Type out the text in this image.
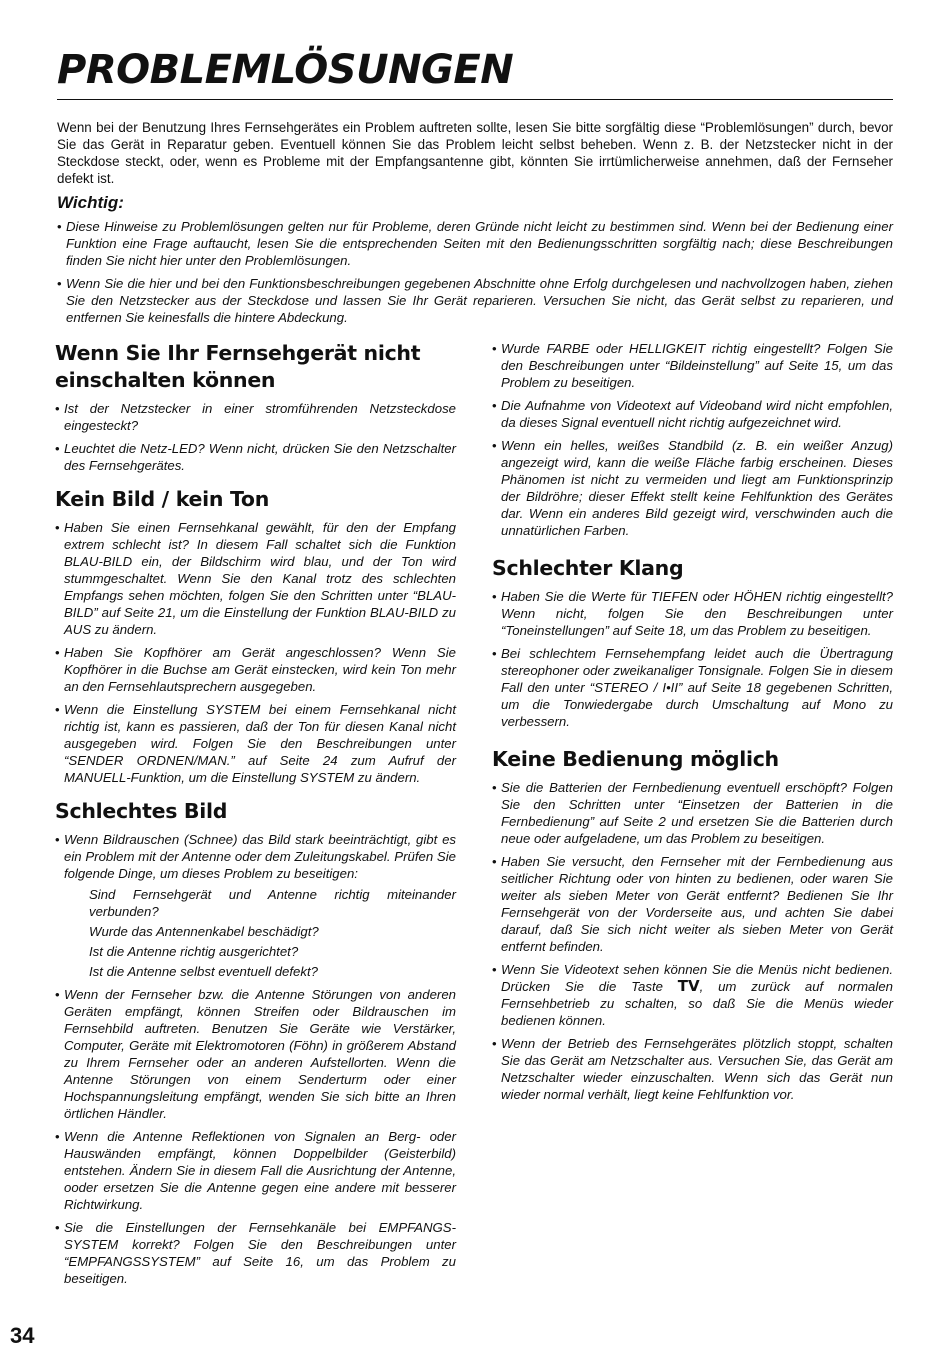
PROBLEMLÖSUNGEN

Wenn bei der Benutzung Ihres Fernsehgerätes ein Problem auftreten sollte, lesen Sie bitte sorgfältig diese “Problemlösungen” durch, bevor Sie das Gerät in Reparatur geben. Eventuell können Sie das Problem leicht selbst beheben. Wenn z. B. der Netzstecker nicht in der Steckdose steckt, oder, wenn es Probleme mit der Empfangsantenne gibt, könnten Sie irrtümlicherweise annehmen, daß der Fernseher defekt ist.

Wichtig:

• Diese Hinweise zu Problemlösungen gelten nur für Probleme, deren Gründe nicht leicht zu bestimmen sind. Wenn bei der Bedienung einer Funktion eine Frage auftaucht, lesen Sie die entsprechenden Seiten mit den Bedienungsschritten sorgfältig nach; diese Beschreibungen finden Sie nicht hier unter den Problemlösungen.
• Wenn Sie die hier und bei den Funktionsbeschreibungen gegebenen Abschnitte ohne Erfolg durchgelesen und nachvollzogen haben, ziehen Sie den Netzstecker aus der Steckdose und lassen Sie Ihr Gerät reparieren. Versuchen Sie nicht, das Gerät selbst zu reparieren, und entfernen Sie keinesfalls die hintere Abdeckung.
Wenn Sie Ihr Fernsehgerät nicht einschalten können
• Ist der Netzstecker in einer stromführenden Netzsteckdose eingesteckt?
• Leuchtet die Netz-LED? Wenn nicht, drücken Sie den Netzschalter des Fernsehgerätes.
Kein Bild / kein Ton
• Haben Sie einen Fernsehkanal gewählt, für den der Empfang extrem schlecht ist? In diesem Fall schaltet sich die Funktion BLAU-BILD ein, der Bildschirm wird blau, und der Ton wird stummgeschaltet. Wenn Sie den Kanal trotz des schlechten Empfangs sehen möchten, folgen Sie den Schritten unter “BLAU-BILD” auf Seite 21, um die Einstellung der Funktion BLAU-BILD zu AUS zu ändern.
• Haben Sie Kopfhörer am Gerät angeschlossen? Wenn Sie Kopfhörer in die Buchse am Gerät einstecken, wird kein Ton mehr an den Fernsehlautsprechern ausgegeben.
• Wenn die Einstellung SYSTEM bei einem Fernsehkanal nicht richtig ist, kann es passieren, daß der Ton für diesen Kanal nicht ausgegeben wird. Folgen Sie den Beschreibungen unter “SENDER ORDNEN/MAN.” auf Seite 24 zum Aufruf der MANUELL-Funktion, um die Einstellung SYSTEM zu ändern.
Schlechtes Bild
• Wenn Bildrauschen (Schnee) das Bild stark beeinträchtigt, gibt es ein Problem mit der Antenne oder dem Zuleitungskabel. Prüfen Sie folgende Dinge, um dieses Problem zu beseitigen:
Sind Fernsehgerät und Antenne richtig miteinander verbunden?
Wurde das Antennenkabel beschädigt?
Ist die Antenne richtig ausgerichtet?
Ist die Antenne selbst eventuell defekt?
• Wenn der Fernseher bzw. die Antenne Störungen von anderen Geräten empfängt, können Streifen oder Bildrauschen im Fernsehbild auftreten. Benutzen Sie Geräte wie Verstärker, Computer, Geräte mit Elektromotoren (Föhn) in größerem Abstand zu Ihrem Fernseher oder an anderen Aufstellorten. Wenn die Antenne Störungen von einem Senderturm oder einer Hochspannungsleitung empfängt, wenden Sie sich bitte an Ihren örtlichen Händler.
• Wenn die Antenne Reflektionen von Signalen an Berg- oder Hauswänden empfängt, können Doppelbilder (Geisterbild) entstehen. Ändern Sie in diesem Fall die Ausrichtung der Antenne, ooder ersetzen Sie die Antenne gegen eine andere mit besserer Richtwirkung.
• Sie die Einstellungen der Fernsehkanäle bei EMPFANGS-SYSTEM korrekt? Folgen Sie den Beschreibungen unter “EMPFANGSSYSTEM” auf Seite 16, um das Problem zu beseitigen.
• Wurde FARBE oder HELLIGKEIT richtig eingestellt? Folgen Sie den Beschreibungen unter “Bildeinstellung” auf Seite 15, um das Problem zu beseitigen.
• Die Aufnahme von Videotext auf Videoband wird nicht empfohlen, da dieses Signal eventuell nicht richtig aufgezeichnet wird.
• Wenn ein helles, weißes Standbild (z. B. ein weißer Anzug) angezeigt wird, kann die weiße Fläche farbig erscheinen. Dieses Phänomen ist nicht zu vermeiden und liegt am Funktionsprinzip der Bildröhre; dieser Effekt stellt keine Fehlfunktion des Gerätes dar. Wenn ein anderes Bild gezeigt wird, verschwinden auch die unnatürlichen Farben.
Schlechter Klang
• Haben Sie die Werte für TIEFEN oder HÖHEN richtig eingestellt? Wenn nicht, folgen Sie den Beschreibungen unter “Toneinstellungen” auf Seite 18, um das Problem zu beseitigen.
• Bei schlechtem Fernsehempfang leidet auch die Übertragung stereophoner oder zweikanaliger Tonsignale. Folgen Sie in diesem Fall den unter “STEREO / I•II” auf Seite 18 gegebenen Schritten, um die Tonwiedergabe durch Umschaltung auf Mono zu verbessern.
Keine Bedienung möglich
• Sie die Batterien der Fernbedienung eventuell erschöpft? Folgen Sie den Schritten unter “Einsetzen der Batterien in die Fernbedienung” auf Seite 2 und ersetzen Sie die Batterien durch neue oder aufgeladene, um das Problem zu beseitigen.
• Haben Sie versucht, den Fernseher mit der Fernbedienung aus seitlicher Richtung oder von hinten zu bedienen, oder waren Sie weiter als sieben Meter von Gerät entfernt? Bedienen Sie Ihr Fernsehgerät von der Vorderseite aus, und achten Sie dabei darauf, daß Sie sich nicht weiter als sieben Meter von Gerät entfernt befinden.
• Wenn Sie Videotext sehen können Sie die Menüs nicht bedienen. Drücken Sie die Taste TV, um zurück auf normalen Fernsehbetrieb zu schalten, so daß Sie die Menüs wieder bedienen können.
• Wenn der Betrieb des Fernsehgerätes plötzlich stoppt, schalten Sie das Gerät am Netzschalter aus. Versuchen Sie, das Gerät am Netzschalter wieder einzuschalten. Wenn sich das Gerät nun wieder normal verhält, liegt keine Fehlfunktion vor.

34
